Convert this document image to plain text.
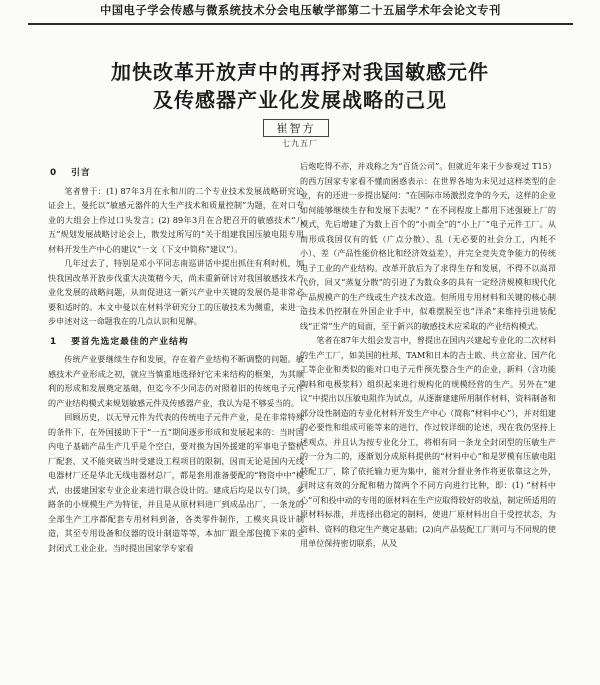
中国电子学会传感与微系统技术分会电压敏学部第二十五届学术年会论文专刊
加快改革开放声中的再抒对我国敏感元件
及传感器产业化发展战略的己见
崔智方
七九五厂
0 引言

笔者曾于：(1) 87年3月在永和川的二个专业技术发展战略研究论证会上，曼托以“敏感元器件的大生产技术和质量控制”为题，在对口专业的大组会上作过口头发言；(2) 89年3月在合肥召开的敏感技术“八五”规划发展战略讨论会上，散发过所写的“关于组建我国压敏电阻专用材料开发生产中心的建议”一文（下文中简称“建议”）。

几年过去了，特别是邓小平同志南巡讲话中提出抓住有利时机，加快我国改革开放步伐重大决策精今天，尚未重新研讨对我国敏感技术产业化发展的战略问题，从而促进这一新兴产业中关键的发展仍是非常必要和适时的。本文中曼以在材料学研究分工的压敏技术为侧重，来进一步申述对这一命题我在的几点认识和见解。

1 要首先选定最佳的产业结构

传统产业要继续生存和发展，存在着产业结构不断调整的问题。敏感技术产业形成之初，就应当慎重地选择好它未来结构的框架，为其顺利的形成和发展奠定基础，但迄今不少同志仍对照着旧的传统电子元件的产业结构模式来规划敏感元件及传感器产业，我认为是不够妥当的。

回顾历史，以无导元件为代表的传统电子元件产业，是在非常特殊的条件下，在外国援助下于“一五”期间逐步形成和发展起来的：当时国内电子基础产品生产几乎是个空白，要对换为国外援建的军事电子整机厂配套，又不能突破当时受建设工程项目的限制，因而无论是国内无线电器材厂还是华北无线电器材总厂，都是套用准备要配的“物资中中”模式，由援建国家专业企业来进行联合设计的。建成后均是以专门块，多路条的小规模生产为特征，并且是从原材料进厂到成品出厂，一条龙的全部生产工序都配套专用材料到备，各类零件制作，工模夹具设计制造，其至专用设备和仪器的设计制造等等，本加厂跟全部包揽下来的全封闭式工业企业。当时提出国家学专家看

后炮吃得不亦，并戏称之为“百货公司”。但就近年来于少参观过 T15） 的西方国家专家看不懂而困惑表示：在世界各地为未见过这样类型的企业，有的还进一步提出疑问：“在国际市场激烈竞争的今天，这样的企业如何能够继续生存和发展下去呢？” 在不同程度上都用下述强硬上厂的模式，先后增建了为数上百个的“小而全”的“小上厂”电子元件工厂。从而形成我国仅有的低（广点分散）、乱（无必要的社会分工，内耗不小）、差（产品性能价格比和经济效益差），并完全竞失竞争能力的传统电子工业的产业结构。改革开放后为了求得生存和发展，不得不以高昂代价，回又“蒸复分散”的引进了为数众多的具有一定经济规模和现代化产品规模产的生产线或生产技术改造。但所用专用材料和关键的核心制造技术仍控制在外国企业手中，似难摆脱至也“洋杀”来维持引进装配线“正常”生产的局面，至于新兴的敏感技术应采取的产业结构模式。

笔者在87年大组会发言中，曾提出在国内兴建起专业化的二次材料的生产工厂，如美国的杜邦、TAM和日本的吉士欧、共立窑业、国产化工等企业和类似的能对口电子元件预先整合生产的企业，新料（含功能陶料和电极浆料）组织起来进行规构化的规模经营的生产。另外在“建议”中提出以压敏电阻作为试点，从逐渐建建所用制作材料，资料制备和部分设性制造的专业化材料开发生产中心（简称“材料中心”），并对组建的必要性和组成可能等来的进行，作过较详细的论述，现在我仍坚持上述观点，并且认为按专业化分工，将相有同一条龙全封闭型的压敏生产的一分为二的，逐渐划分成原料提供的“材料中心”和是罗模有压敏电阻装配工厂，除了依托输力更为集中，能对分督业务作将更依靠这之外，同时这有效的分配和精力简两个不同方向进行比种，即：(1) “材料中心”可和投中动的专用的原材料在生产应取得较好的收益，制定所适用的原材料标准，并选择出稳定的制料，使进厂原材料出自于受控状态，为资料、资料的稳定生产奠定基础；(2)向产品装配工厂则可与不同规的使用单位保持密切联系，从及
